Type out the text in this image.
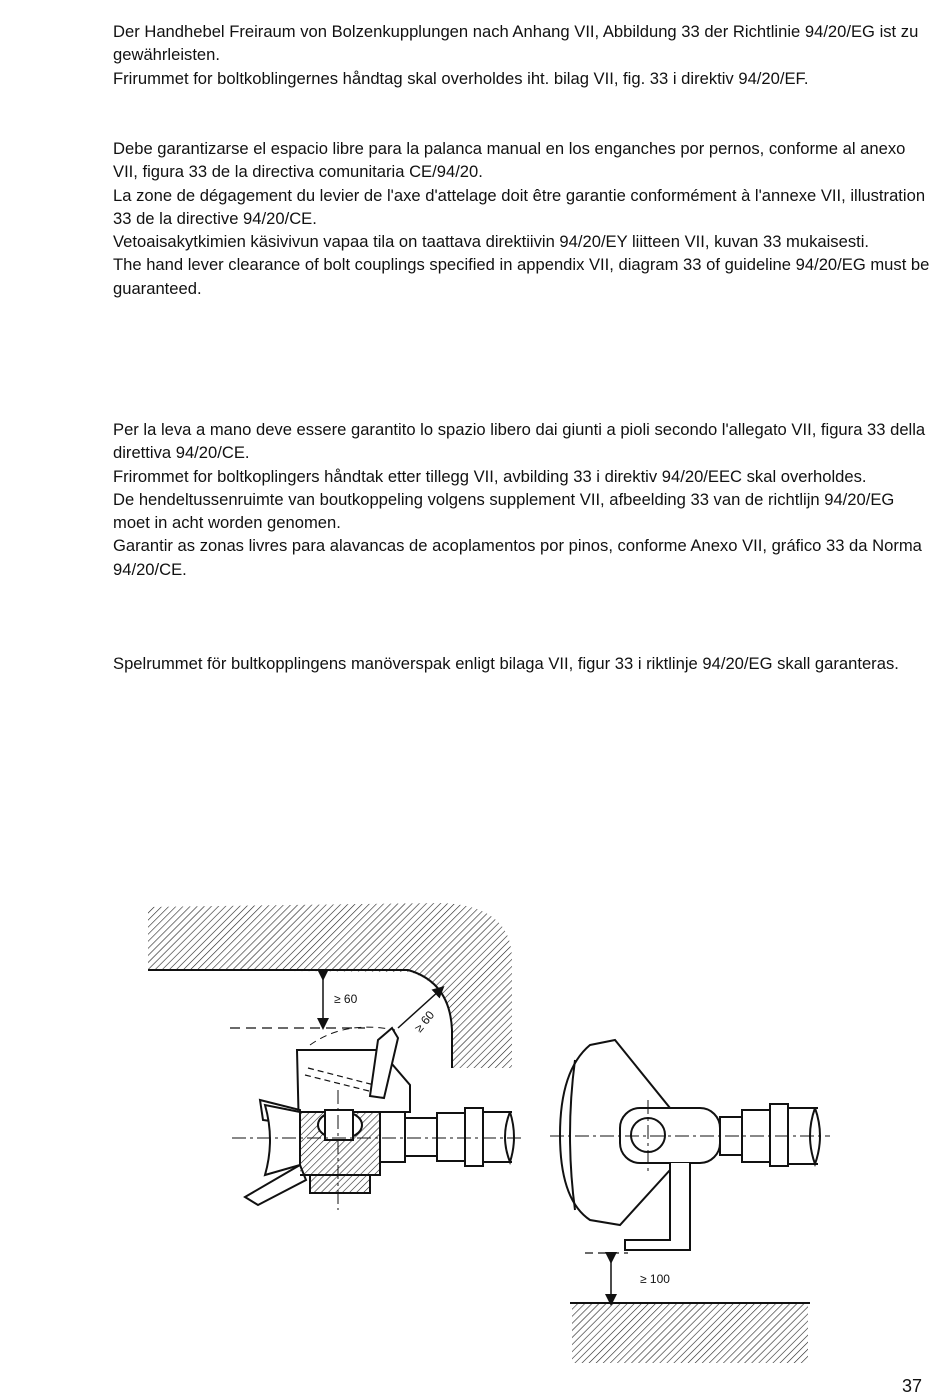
Der Handhebel Freiraum von Bolzenkupplungen nach Anhang VII, Abbildung 33 der Richtlinie 94/20/EG ist zu gewährleisten.
Frirummet for boltkoblingernes håndtag skal overholdes iht. bilag VII, fig. 33 i direktiv 94/20/EF.
Debe garantizarse el espacio libre para la palanca manual en los enganches por pernos, conforme al anexo VII, figura 33 de la directiva comunitaria CE/94/20.
La zone de dégagement du levier de l'axe d'attelage doit être garantie conformément à l'annexe VII, illustration 33 de la directive 94/20/CE.
Vetoaisakytkimien käsivivun vapaa tila on taattava direktiivin 94/20/EY liitteen VII, kuvan 33 mukaisesti.
The hand lever clearance of bolt couplings specified in appendix VII, diagram 33 of guideline 94/20/EG must be guaranteed.
Per la leva a mano deve essere garantito lo spazio libero dai giunti a pioli secondo l'allegato VII, figura 33 della direttiva 94/20/CE.
Frirommet for boltkoplingers håndtak etter tillegg VII, avbilding 33 i direktiv 94/20/EEC skal overholdes.
De hendeltussenruimte van boutkoppeling volgens supplement VII, afbeelding 33 van de richtlijn 94/20/EG moet in acht worden genomen.
Garantir as zonas livres para alavancas de acoplamentos por pinos, conforme Anexo VII, gráfico 33 da Norma 94/20/CE.
Spelrummet för bultkopplingens manöverspak enligt bilaga VII, figur 33 i riktlinje 94/20/EG skall garanteras.
≥ 60
≥ 60
≥ 100
37
